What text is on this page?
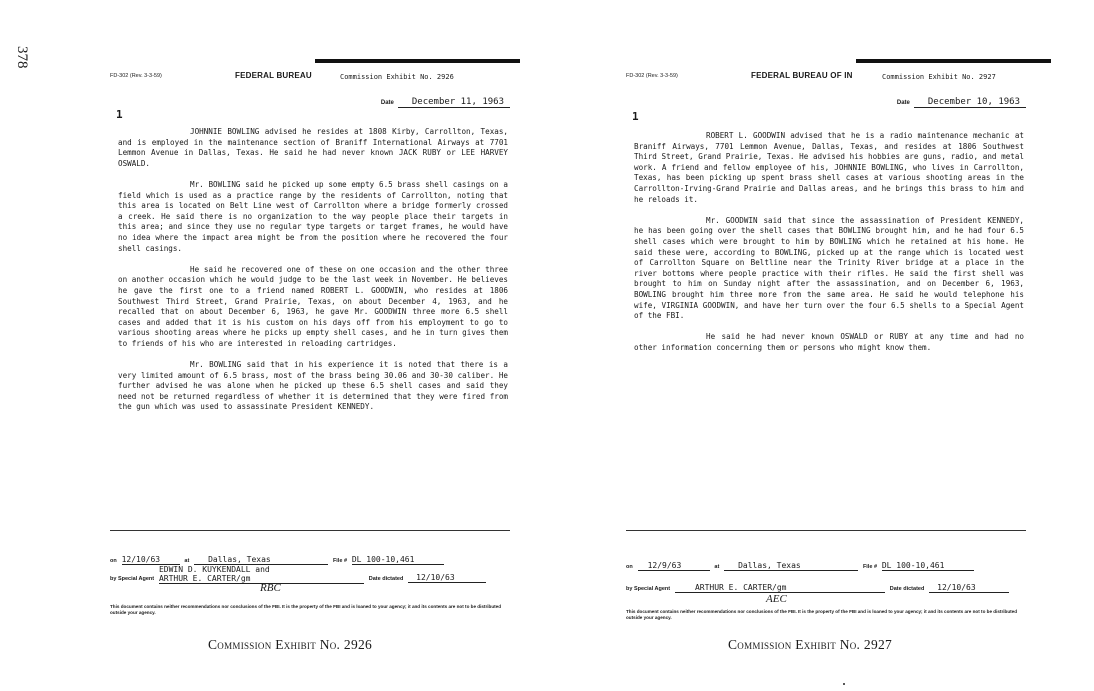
378
FD-302 (Rev. 3-3-59)	FEDERAL BUREAU	Commission Exhibit No. 2926
Date December 11, 1963
1

JOHNNIE BOWLING advised he resides at 1808 Kirby, Carrollton, Texas, and is employed in the maintenance section of Braniff International Airways at 7701 Lemmon Avenue in Dallas, Texas. He said he had never known JACK RUBY or LEE HARVEY OSWALD.

Mr. BOWLING said he picked up some empty 6.5 brass shell casings on a field which is used as a practice range by the residents of Carrollton, noting that this area is located on Belt Line west of Carrollton where a bridge formerly crossed a creek. He said there is no organization to the way people place their targets in this area; and since they use no regular type targets or target frames, he would have no idea where the impact area might be from the position where he recovered the four shell casings.

He said he recovered one of these on one occasion and the other three on another occasion which he would judge to be the last week in November. He believes he gave the first one to a friend named ROBERT L. GOODWIN, who resides at 1806 Southwest Third Street, Grand Prairie, Texas, on about December 4, 1963, and he recalled that on about December 6, 1963, he gave Mr. GOODWIN three more 6.5 shell cases and added that it is his custom on his days off from his employment to go to various shooting areas where he picks up empty shell cases, and he in turn gives them to friends of his who are interested in reloading cartridges.

Mr. BOWLING said that in his experience it is noted that there is a very limited amount of 6.5 brass, most of the brass being 30.06 and 30-30 caliber. He further advised he was alone when he picked up these 6.5 shell cases and said they need not be returned regardless of whether it is determined that they were fired from the gun which was used to assassinate President KENNEDY.

on 12/10/63	at Dallas, Texas	File # DL 100-10,461
by Special Agent
EDWIN D. KUYKENDALL and
ARTHUR E. CARTER/gm	Date dictated 12/10/63
RBC
This document contains neither recommendations nor conclusions of the FBI. It is the property of the FBI and is loaned to your agency; it and its contents are not to be distributed outside your agency.
Commission Exhibit No. 2926
FD-302 (Rev. 3-3-59)	FEDERAL BUREAU OF IN	Commission Exhibit No. 2927
Date December 10, 1963
1

ROBERT L. GOODWIN advised that he is a radio maintenance mechanic at Braniff Airways, 7701 Lemmon Avenue, Dallas, Texas, and resides at 1806 Southwest Third Street, Grand Prairie, Texas. He advised his hobbies are guns, radio, and metal work. A friend and fellow employee of his, JOHNNIE BOWLING, who lives in Carrollton, Texas, has been picking up spent brass shell cases at various shooting areas in the Carrollton-Irving-Grand Prairie and Dallas areas, and he brings this brass to him and he reloads it.

Mr. GOODWIN said that since the assassination of President KENNEDY, he has been going over the shell cases that BOWLING brought him, and he had four 6.5 shell cases which were brought to him by BOWLING which he retained at his home. He said these were, according to BOWLING, picked up at the range which is located west of Carrollton Square on Beltline near the Trinity River bridge at a place in the river bottoms where people practice with their rifles. He said the first shell was brought to him on Sunday night after the assassination, and on December 6, 1963, BOWLING brought him three more from the same area. He said he would telephone his wife, VIRGINIA GOODWIN, and have her turn over the four 6.5 shells to a Special Agent of the FBI.

He said he had never known OSWALD or RUBY at any time and had no other information concerning them or persons who might know them.

on 12/9/63	at Dallas, Texas	File # DL 100-10,461
by Special Agent	ARTHUR E. CARTER/gm	Date dictated 12/10/63
AEC
This document contains neither recommendations nor conclusions of the FBI. It is the property of the FBI and is loaned to your agency; it and its contents are not to be distributed outside your agency.
Commission Exhibit No. 2927
